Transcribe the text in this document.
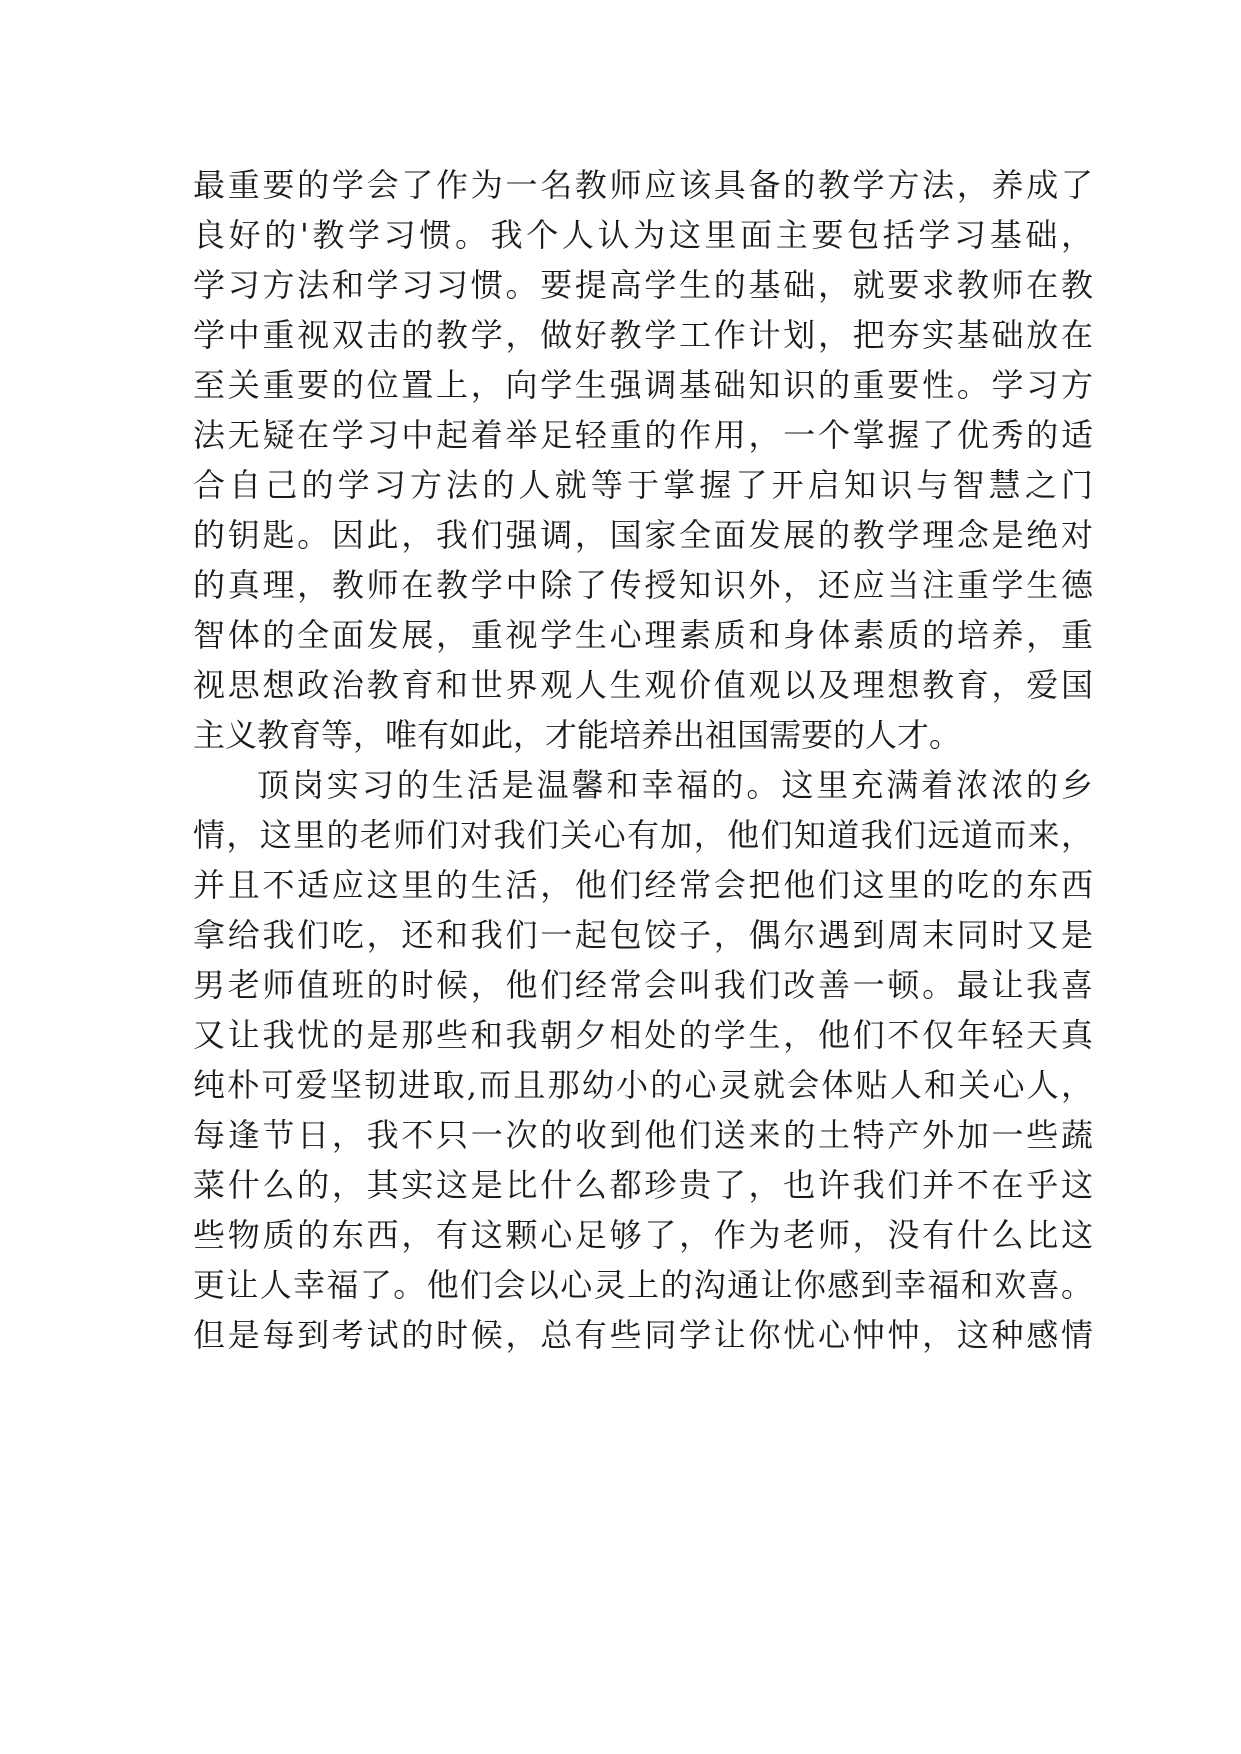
最重要的学会了作为一名教师应该具备的教学方法，养成了
良好的'教学习惯。我个人认为这里面主要包括学习基础，
学习方法和学习习惯。要提高学生的基础，就要求教师在教
学中重视双击的教学，做好教学工作计划，把夯实基础放在
至关重要的位置上，向学生强调基础知识的重要性。学习方
法无疑在学习中起着举足轻重的作用，一个掌握了优秀的适
合自己的学习方法的人就等于掌握了开启知识与智慧之门
的钥匙。因此，我们强调，国家全面发展的教学理念是绝对
的真理，教师在教学中除了传授知识外，还应当注重学生德
智体的全面发展，重视学生心理素质和身体素质的培养，重
视思想政治教育和世界观人生观价值观以及理想教育，爱国
主义教育等，唯有如此，才能培养出祖国需要的人才。
顶岗实习的生活是温馨和幸福的。这里充满着浓浓的乡
情，这里的老师们对我们关心有加，他们知道我们远道而来，
并且不适应这里的生活，他们经常会把他们这里的吃的东西
拿给我们吃，还和我们一起包饺子，偶尔遇到周末同时又是
男老师值班的时候，他们经常会叫我们改善一顿。最让我喜
又让我忧的是那些和我朝夕相处的学生，他们不仅年轻天真
纯朴可爱坚韧进取,而且那幼小的心灵就会体贴人和关心人，
每逢节日，我不只一次的收到他们送来的土特产外加一些蔬
菜什么的，其实这是比什么都珍贵了，也许我们并不在乎这
些物质的东西，有这颗心足够了，作为老师，没有什么比这
更让人幸福了。他们会以心灵上的沟通让你感到幸福和欢喜。
但是每到考试的时候，总有些同学让你忧心忡忡，这种感情
